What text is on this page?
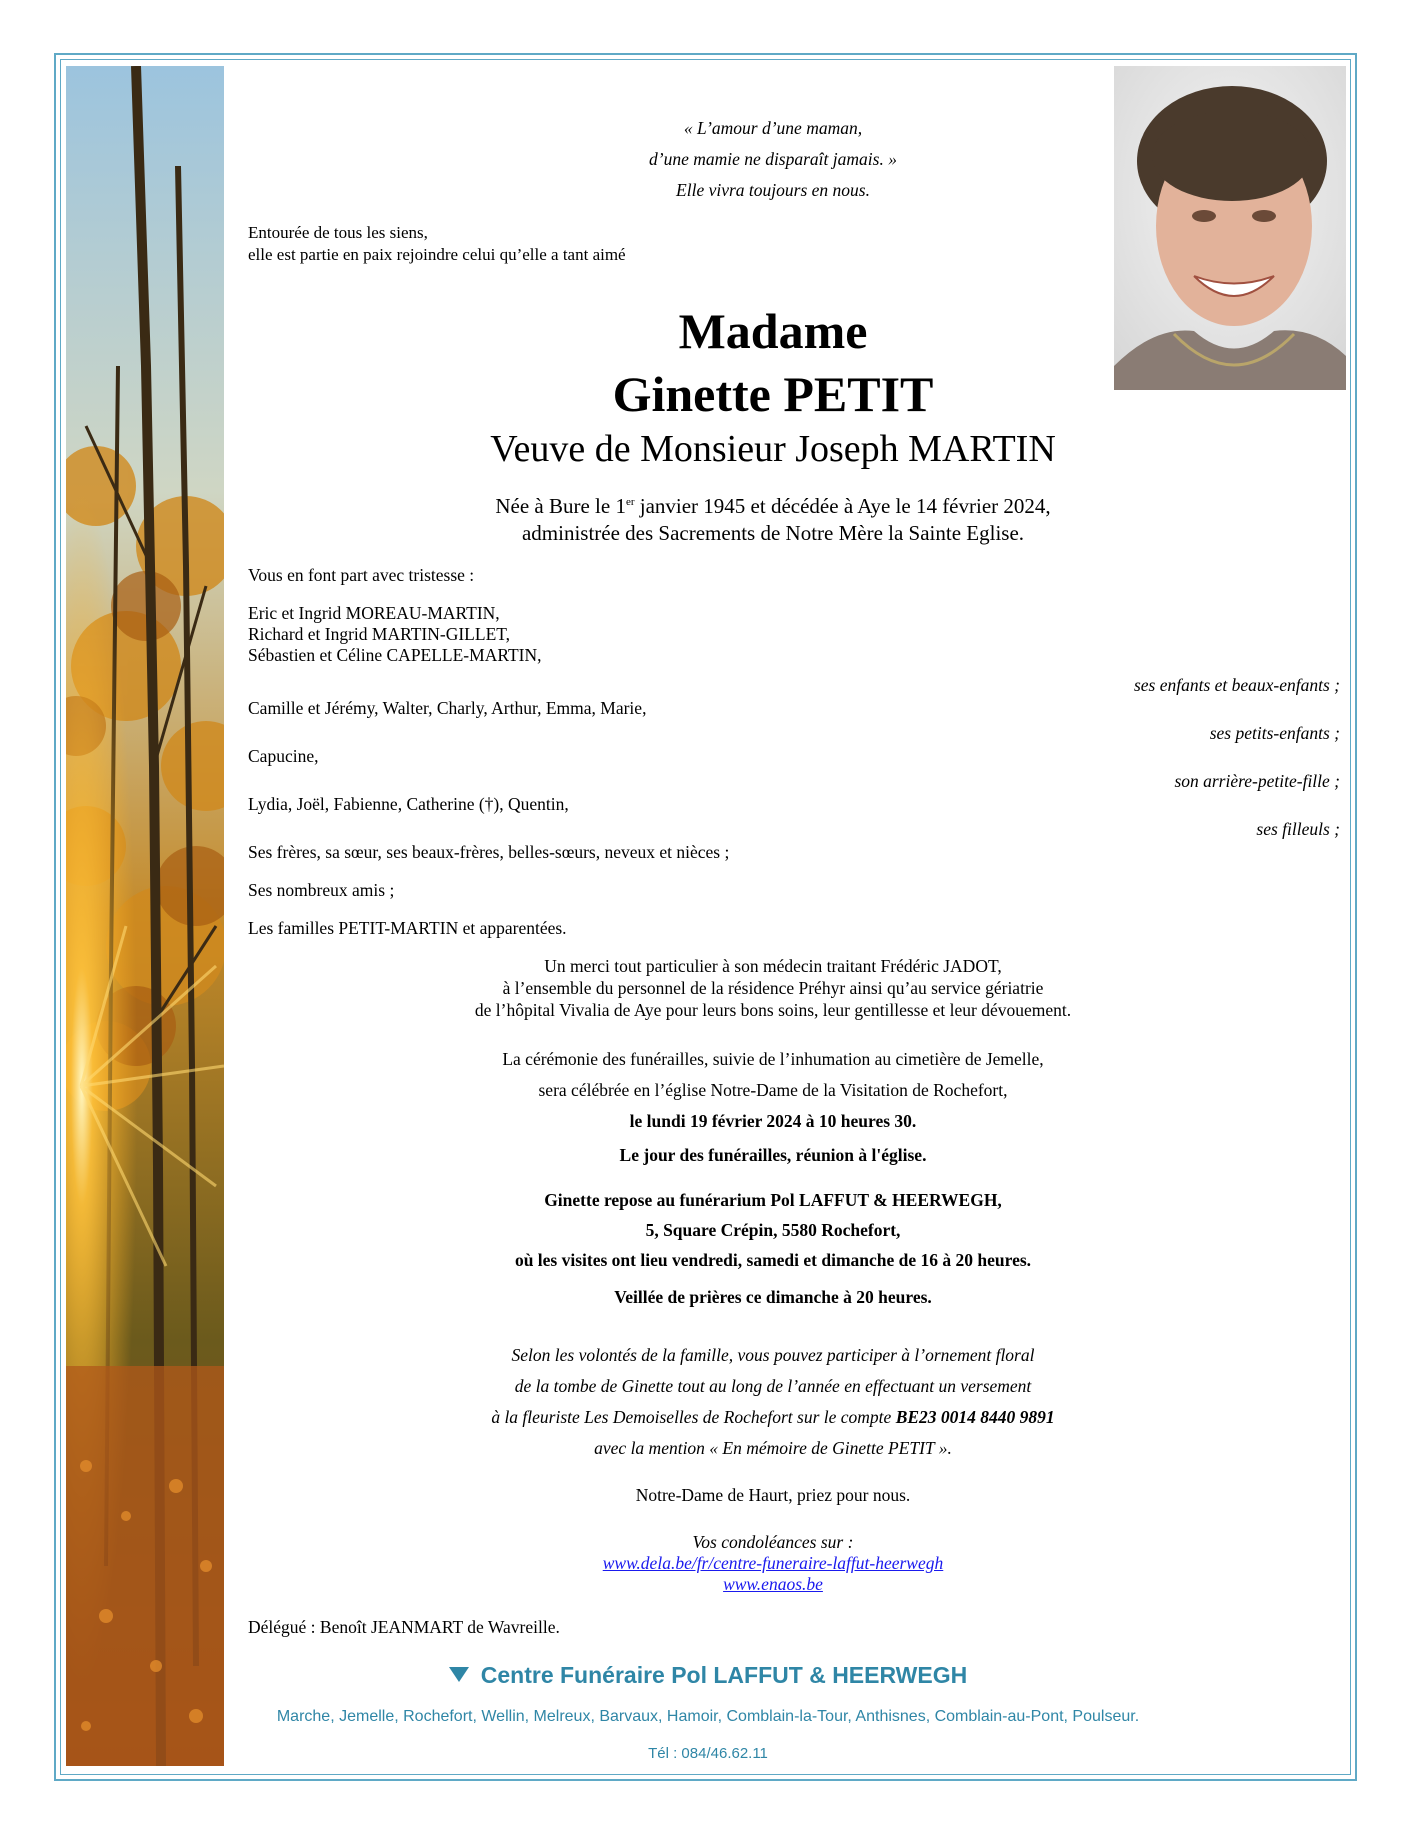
« L’amour d’une maman,
d’une mamie ne disparaît jamais. »
Elle vivra toujours en nous.
Entourée de tous les siens,
elle est partie en paix rejoindre celui qu’elle a tant aimé
Madame
Ginette PETIT
Veuve de Monsieur Joseph MARTIN
Née à Bure le 1er janvier 1945 et décédée à Aye le 14 février 2024,
administrée des Sacrements de Notre Mère la Sainte Eglise.
Vous en font part avec tristesse :
Eric et Ingrid MOREAU-MARTIN,
Richard et Ingrid MARTIN-GILLET,
Sébastien et Céline CAPELLE-MARTIN,
ses enfants et beaux-enfants ;
Camille et Jérémy, Walter, Charly, Arthur, Emma, Marie,
ses petits-enfants ;
Capucine,
son arrière-petite-fille ;
Lydia, Joël, Fabienne, Catherine (†), Quentin,
ses filleuls ;
Ses frères, sa sœur, ses beaux-frères, belles-sœurs, neveux et nièces ;
Ses nombreux amis ;
Les familles PETIT-MARTIN et apparentées.
Un merci tout particulier à son médecin traitant Frédéric JADOT,
à l’ensemble du personnel de la résidence Préhyr ainsi qu’au service gériatrie
de l’hôpital Vivalia de Aye pour leurs bons soins, leur gentillesse et leur dévouement.
La cérémonie des funérailles, suivie de l’inhumation au cimetière de Jemelle,
sera célébrée en l’église Notre-Dame de la Visitation de Rochefort,
le lundi 19 février 2024 à 10 heures 30.
Le jour des funérailles, réunion à l'église.
Ginette repose au funérarium Pol LAFFUT & HEERWEGH,
5, Square Crépin, 5580 Rochefort,
où les visites ont lieu vendredi, samedi et dimanche de 16 à 20 heures.
Veillée de prières ce dimanche à 20 heures.
Selon les volontés de la famille, vous pouvez participer à l’ornement floral
de la tombe de Ginette tout au long de l’année en effectuant un versement
à la fleuriste Les Demoiselles de Rochefort sur le compte BE23 0014 8440 9891
avec la mention « En mémoire de Ginette PETIT ».
Notre-Dame de Haurt, priez pour nous.
Vos condoléances sur :
www.dela.be/fr/centre-funeraire-laffut-heerwegh
www.enaos.be
Délégué : Benoît JEANMART de Wavreille.
Centre Funéraire Pol LAFFUT & HEERWEGH
Marche, Jemelle, Rochefort, Wellin, Melreux, Barvaux, Hamoir, Comblain-la-Tour, Anthisnes, Comblain-au-Pont, Poulseur.
Tél : 084/46.62.11
